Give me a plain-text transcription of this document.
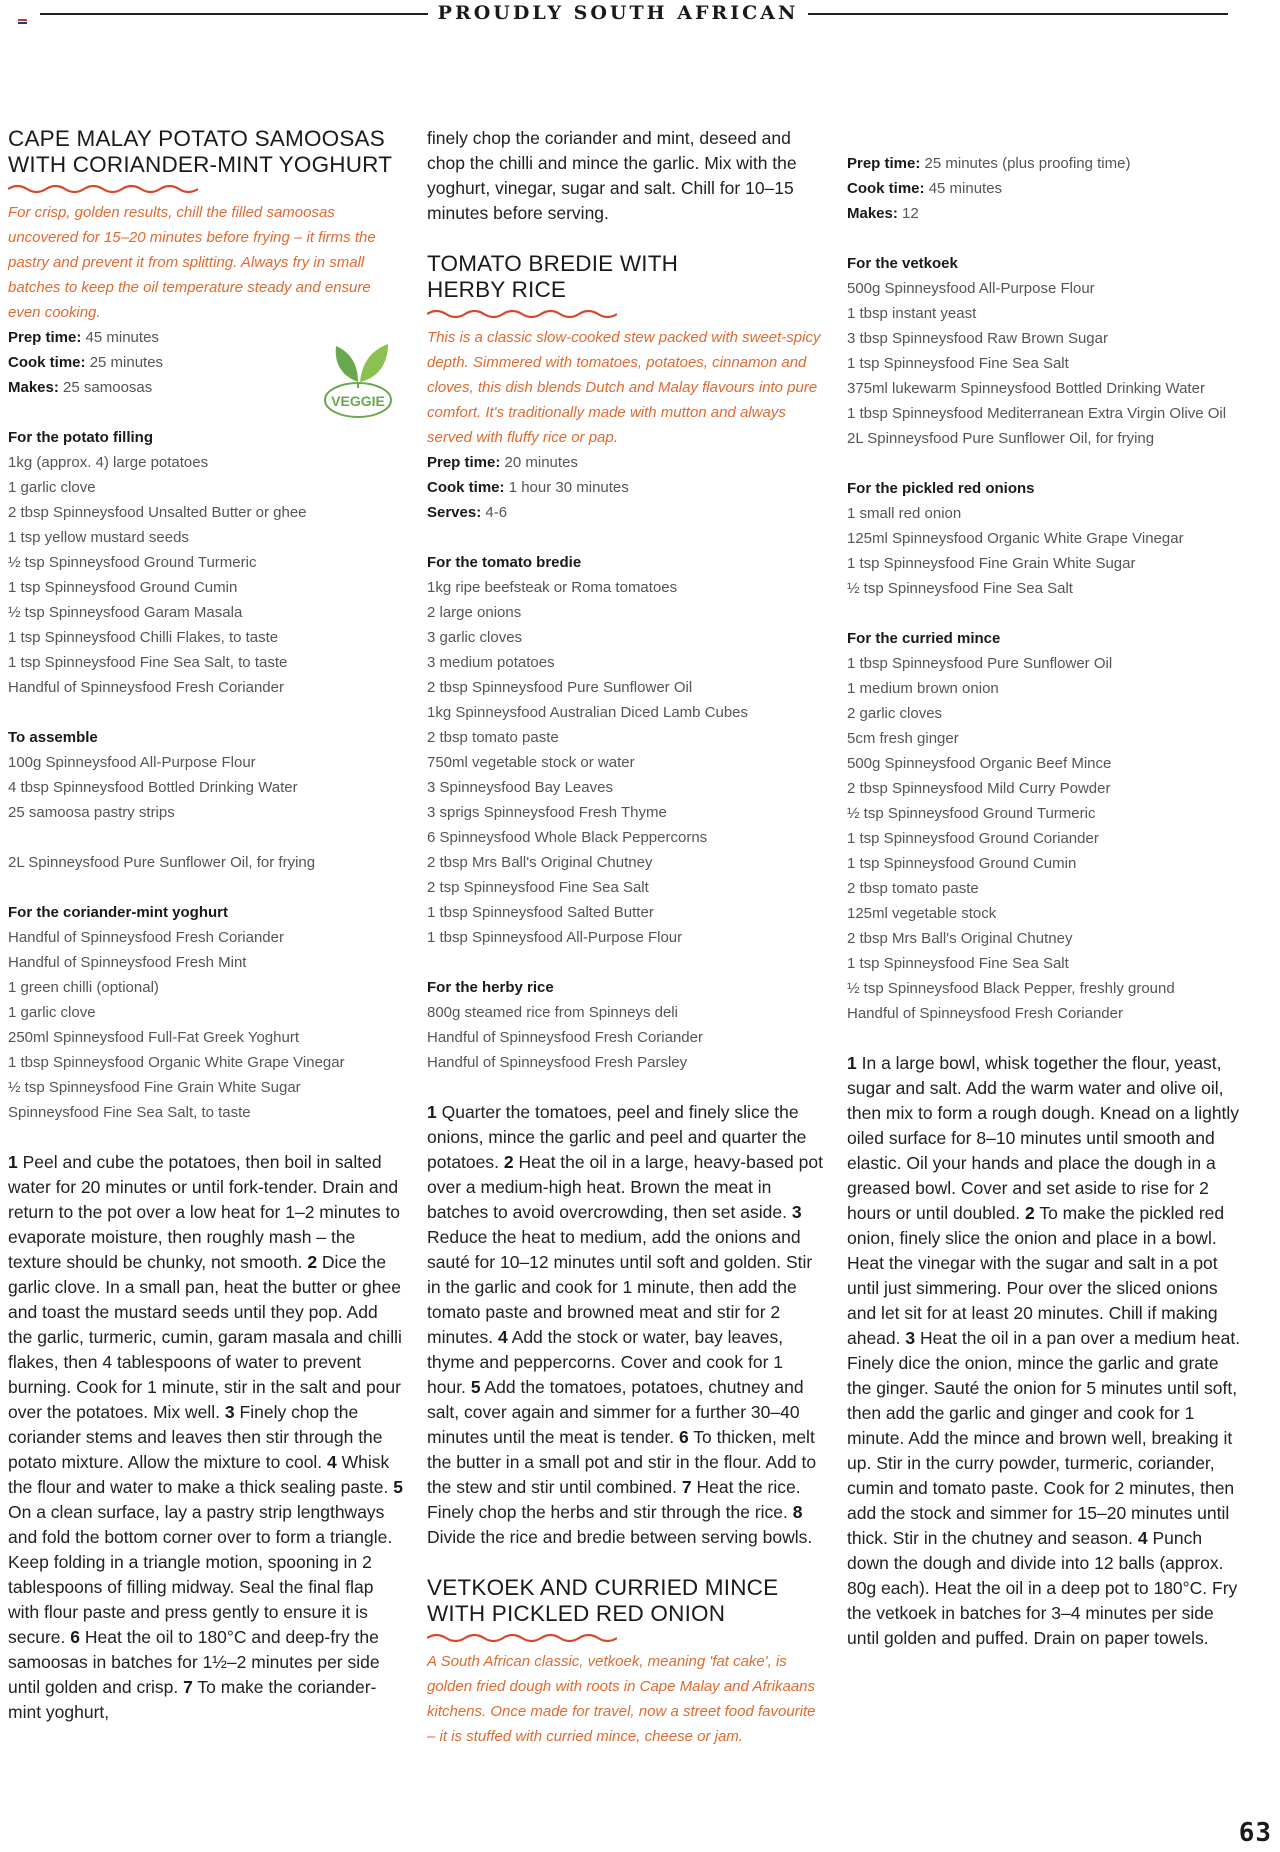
PROUDLY SOUTH AFRICAN
CAPE MALAY POTATO SAMOOSAS
WITH CORIANDER-MINT YOGHURT

For crisp, golden results, chill the filled samoosas uncovered for 15–20 minutes before frying – it firms the pastry and prevent it from splitting. Always fry in small batches to keep the oil temperature steady and ensure even cooking.

Prep time: 45 minutes

Cook time: 25 minutes

Makes: 25 samoosas

For the potato filling
1kg (approx. 4) large potatoes
1 garlic clove
2 tbsp Spinneysfood Unsalted Butter or ghee
1 tsp yellow mustard seeds
½ tsp Spinneysfood Ground Turmeric
1 tsp Spinneysfood Ground Cumin
½ tsp Spinneysfood Garam Masala
1 tsp Spinneysfood Chilli Flakes, to taste
1 tsp Spinneysfood Fine Sea Salt, to taste
Handful of Spinneysfood Fresh Coriander
To assemble
100g Spinneysfood All-Purpose Flour
4 tbsp Spinneysfood Bottled Drinking Water
25 samoosa pastry strips
2L Spinneysfood Pure Sunflower Oil, for frying
For the coriander-mint yoghurt
Handful of Spinneysfood Fresh Coriander
Handful of Spinneysfood Fresh Mint
1 green chilli (optional)
1 garlic clove
250ml Spinneysfood Full-Fat Greek Yoghurt
1 tbsp Spinneysfood Organic White Grape Vinegar
½ tsp Spinneysfood Fine Grain White Sugar
Spinneysfood Fine Sea Salt, to taste

1 Peel and cube the potatoes, then boil in salted water for 20 minutes or until fork-tender. Drain and return to the pot over a low heat for 1–2 minutes to evaporate moisture, then roughly mash – the texture should be chunky, not smooth. 2 Dice the garlic clove. In a small pan, heat the butter or ghee and toast the mustard seeds until they pop. Add the garlic, turmeric, cumin, garam masala and chilli flakes, then 4 tablespoons of water to prevent burning. Cook for 1 minute, stir in the salt and pour over the potatoes. Mix well. 3 Finely chop the coriander stems and leaves then stir through the potato mixture. Allow the mixture to cool. 4 Whisk the flour and water to make a thick sealing paste. 5 On a clean surface, lay a pastry strip lengthways and fold the bottom corner over to form a triangle. Keep folding in a triangle motion, spooning in 2 tablespoons of filling midway. Seal the final flap with flour paste and press gently to ensure it is secure. 6 Heat the oil to 180°C and deep-fry the samoosas in batches for 1½–2 minutes per side until golden and crisp. 7 To make the coriander-mint yoghurt,

VEGGIE

finely chop the coriander and mint, deseed and chop the chilli and mince the garlic. Mix with the yoghurt, vinegar, sugar and salt. Chill for 10–15 minutes before serving.

TOMATO BREDIE WITH
HERBY RICE

This is a classic slow-cooked stew packed with sweet-spicy depth. Simmered with tomatoes, potatoes, cinnamon and cloves, this dish blends Dutch and Malay flavours into pure comfort. It's traditionally made with mutton and always served with fluffy rice or pap.

Prep time: 20 minutes

Cook time: 1 hour 30 minutes

Serves: 4-6

For the tomato bredie
1kg ripe beefsteak or Roma tomatoes
2 large onions
3 garlic cloves
3 medium potatoes
2 tbsp Spinneysfood Pure Sunflower Oil
1kg Spinneysfood Australian Diced Lamb Cubes
2 tbsp tomato paste
750ml vegetable stock or water
3 Spinneysfood Bay Leaves
3 sprigs Spinneysfood Fresh Thyme
6 Spinneysfood Whole Black Peppercorns
2 tbsp Mrs Ball's Original Chutney
2 tsp Spinneysfood Fine Sea Salt
1 tbsp Spinneysfood Salted Butter
1 tbsp Spinneysfood All-Purpose Flour
For the herby rice
800g steamed rice from Spinneys deli
Handful of Spinneysfood Fresh Coriander
Handful of Spinneysfood Fresh Parsley

1 Quarter the tomatoes, peel and finely slice the onions, mince the garlic and peel and quarter the potatoes. 2 Heat the oil in a large, heavy-based pot over a medium-high heat. Brown the meat in batches to avoid overcrowding, then set aside. 3 Reduce the heat to medium, add the onions and sauté for 10–12 minutes until soft and golden. Stir in the garlic and cook for 1 minute, then add the tomato paste and browned meat and stir for 2 minutes. 4 Add the stock or water, bay leaves, thyme and peppercorns. Cover and cook for 1 hour. 5 Add the tomatoes, potatoes, chutney and salt, cover again and simmer for a further 30–40 minutes until the meat is tender. 6 To thicken, melt the butter in a small pot and stir in the flour. Add to the stew and stir until combined. 7 Heat the rice. Finely chop the herbs and stir through the rice. 8 Divide the rice and bredie between serving bowls.

VETKOEK AND CURRIED MINCE
WITH PICKLED RED ONION

A South African classic, vetkoek, meaning 'fat cake', is golden fried dough with roots in Cape Malay and Afrikaans kitchens. Once made for travel, now a street food favourite – it is stuffed with curried mince, cheese or jam.

Prep time: 25 minutes (plus proofing time)

Cook time: 45 minutes

Makes: 12

For the vetkoek
500g Spinneysfood All-Purpose Flour
1 tbsp instant yeast
3 tbsp Spinneysfood Raw Brown Sugar
1 tsp Spinneysfood Fine Sea Salt
375ml lukewarm Spinneysfood Bottled Drinking Water
1 tbsp Spinneysfood Mediterranean Extra Virgin Olive Oil
2L Spinneysfood Pure Sunflower Oil, for frying
For the pickled red onions
1 small red onion
125ml Spinneysfood Organic White Grape Vinegar
1 tsp Spinneysfood Fine Grain White Sugar
½ tsp Spinneysfood Fine Sea Salt
For the curried mince
1 tbsp Spinneysfood Pure Sunflower Oil
1 medium brown onion
2 garlic cloves
5cm fresh ginger
500g Spinneysfood Organic Beef Mince
2 tbsp Spinneysfood Mild Curry Powder
½ tsp Spinneysfood Ground Turmeric
1 tsp Spinneysfood Ground Coriander
1 tsp Spinneysfood Ground Cumin
2 tbsp tomato paste
125ml vegetable stock
2 tbsp Mrs Ball's Original Chutney
1 tsp Spinneysfood Fine Sea Salt
½ tsp Spinneysfood Black Pepper, freshly ground
Handful of Spinneysfood Fresh Coriander

1 In a large bowl, whisk together the flour, yeast, sugar and salt. Add the warm water and olive oil, then mix to form a rough dough. Knead on a lightly oiled surface for 8–10 minutes until smooth and elastic. Oil your hands and place the dough in a greased bowl. Cover and set aside to rise for 2 hours or until doubled. 2 To make the pickled red onion, finely slice the onion and place in a bowl. Heat the vinegar with the sugar and salt in a pot until just simmering. Pour over the sliced onions and let sit for at least 20 minutes. Chill if making ahead. 3 Heat the oil in a pan over a medium heat. Finely dice the onion, mince the garlic and grate the ginger. Sauté the onion for 5 minutes until soft, then add the garlic and ginger and cook for 1 minute. Add the mince and brown well, breaking it up. Stir in the curry powder, turmeric, coriander, cumin and tomato paste. Cook for 2 minutes, then add the stock and simmer for 15–20 minutes until thick. Stir in the chutney and season. 4 Punch down the dough and divide into 12 balls (approx. 80g each). Heat the oil in a deep pot to 180°C. Fry the vetkoek in batches for 3–4 minutes per side until golden and puffed. Drain on paper towels.

63
